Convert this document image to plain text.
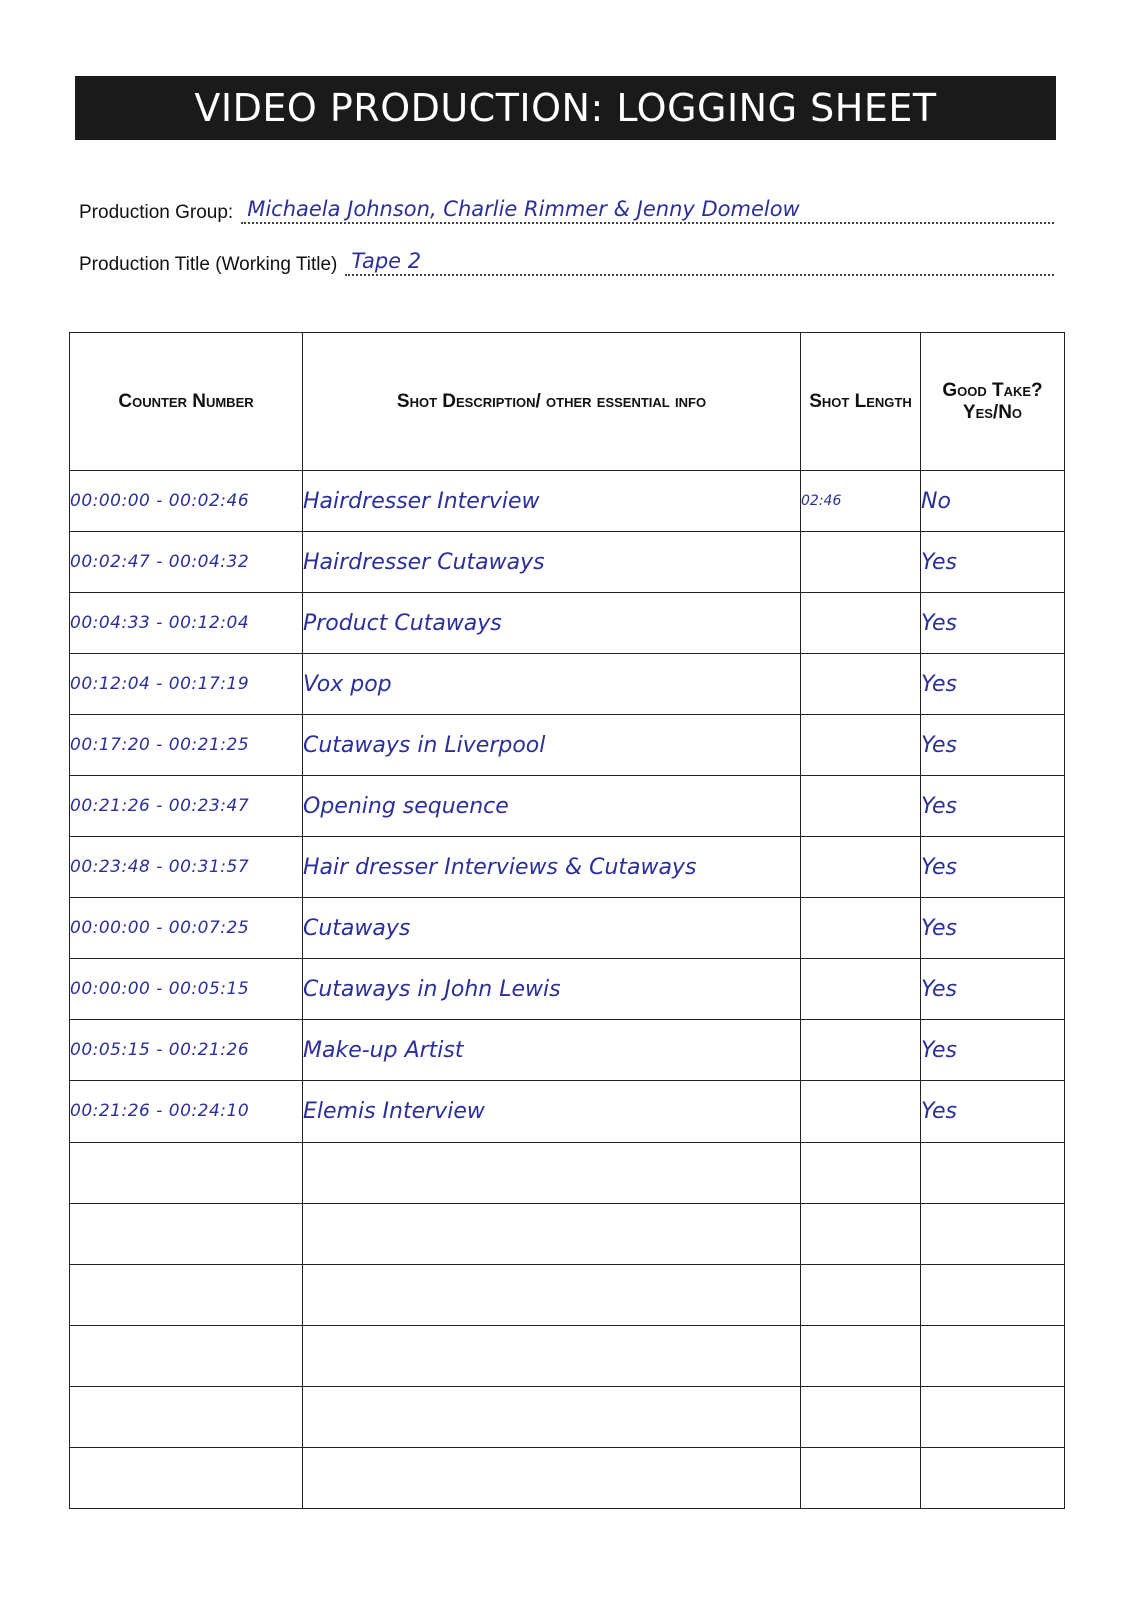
VIDEO PRODUCTION: LOGGING SHEET
Production Group: Michaela Johnson, Charlie Rimmer & Jenny Domelow
Production Title (Working Title) Tape 2
Counter Number	Shot Description/ other essential info	Shot Length	Good Take? Yes/No
00:00:00 - 00:02:46	Hairdresser Interview	02:46	No
00:02:47 - 00:04:32	Hairdresser Cutaways		Yes
00:04:33 - 00:12:04	Product Cutaways		Yes
00:12:04 - 00:17:19	Vox pop		Yes
00:17:20 - 00:21:25	Cutaways in Liverpool		Yes
00:21:26 - 00:23:47	Opening sequence		Yes
00:23:48 - 00:31:57	Hair dresser Interviews & Cutaways		Yes
00:00:00 - 00:07:25	Cutaways		Yes
00:00:00 - 00:05:15	Cutaways in John Lewis		Yes
00:05:15 - 00:21:26	Make-up Artist		Yes
00:21:26 - 00:24:10	Elemis Interview		Yes
